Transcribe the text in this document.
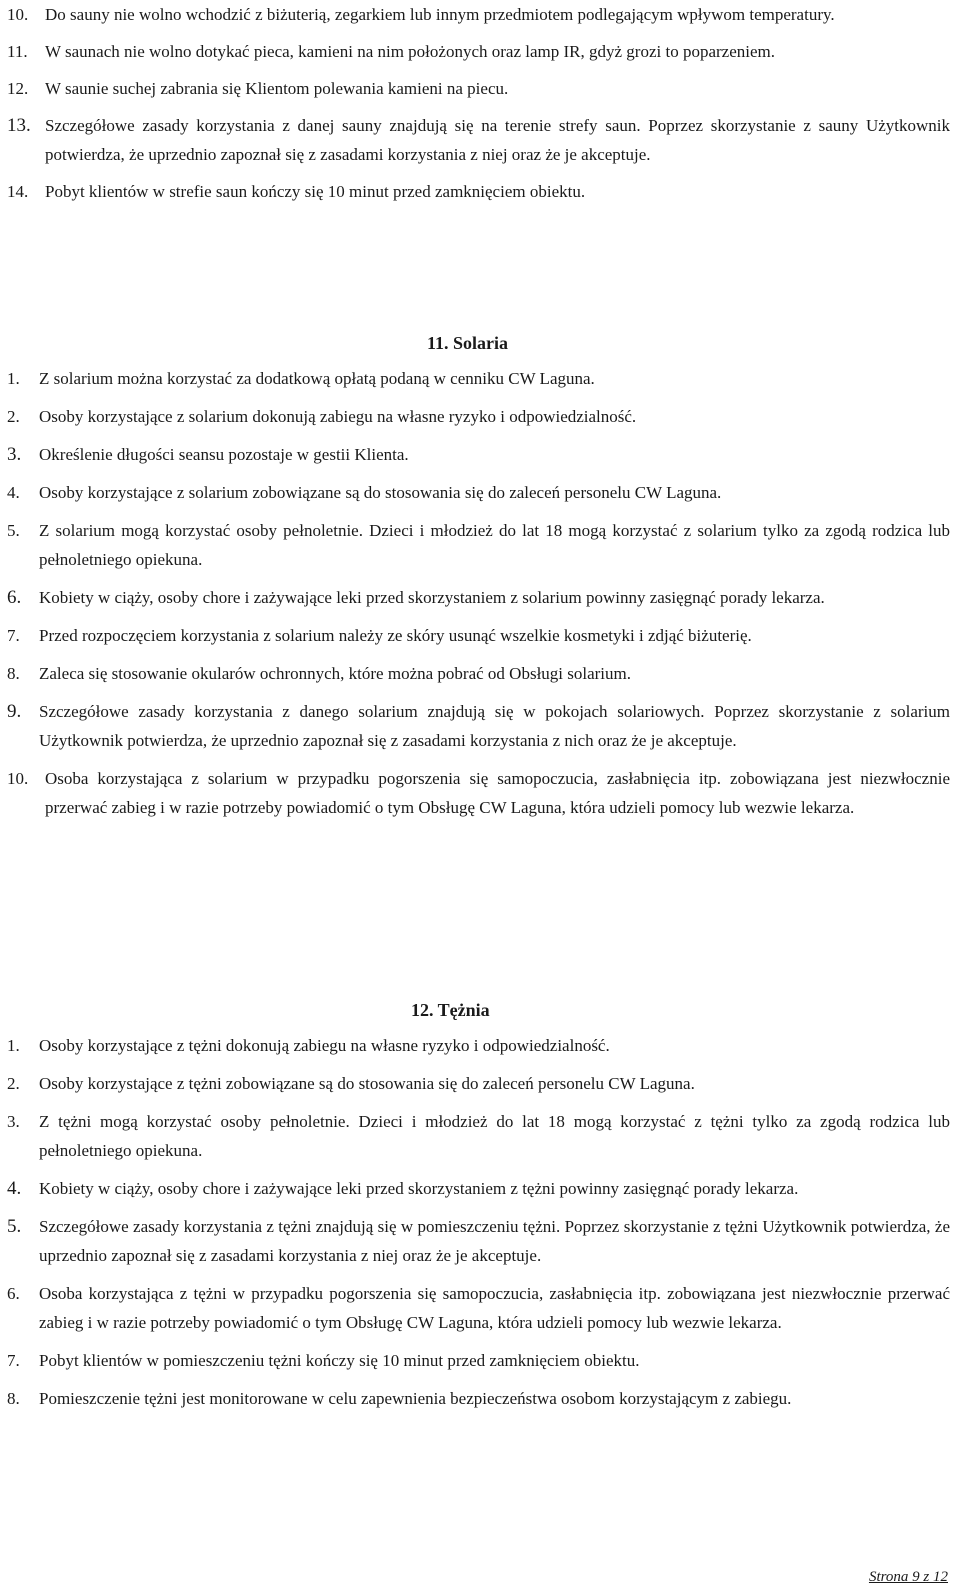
10. Do sauny nie wolno wchodzić z biżuterią, zegarkiem lub innym przedmiotem podlegającym wpływom temperatury.
11. W saunach nie wolno dotykać pieca, kamieni na nim położonych oraz lamp IR, gdyż grozi to poparzeniem.
12. W saunie suchej zabrania się Klientom polewania kamieni na piecu.
13. Szczegółowe zasady korzystania z danej sauny znajdują się na terenie strefy saun. Poprzez skorzystanie z sauny Użytkownik potwierdza, że uprzednio zapoznał się z zasadami korzystania z niej oraz że je akceptuje.
14. Pobyt klientów w strefie saun kończy się 10 minut przed zamknięciem obiektu.
11. Solaria
1. Z solarium można korzystać za dodatkową opłatą podaną w cenniku CW Laguna.
2. Osoby korzystające z solarium dokonują zabiegu na własne ryzyko i odpowiedzialność.
3. Określenie długości seansu pozostaje w gestii Klienta.
4. Osoby korzystające z solarium zobowiązane są do stosowania się do zaleceń personelu CW Laguna.
5. Z solarium mogą korzystać osoby pełnoletnie. Dzieci i młodzież do lat 18 mogą korzystać z solarium tylko za zgodą rodzica lub pełnoletniego opiekuna.
6. Kobiety w ciąży, osoby chore i zażywające leki przed skorzystaniem z solarium powinny zasięgnąć porady lekarza.
7. Przed rozpoczęciem korzystania z solarium należy ze skóry usunąć wszelkie kosmetyki i zdjąć biżuterię.
8. Zaleca się stosowanie okularów ochronnych, które można pobrać od Obsługi solarium.
9. Szczegółowe zasady korzystania z danego solarium znajdują się w pokojach solariowych. Poprzez skorzystanie z solarium Użytkownik potwierdza, że uprzednio zapoznał się z zasadami korzystania z nich oraz że je akceptuje.
10. Osoba korzystająca z solarium w przypadku pogorszenia się samopoczucia, zasłabnięcia itp. zobowiązana jest niezwłocznie przerwać zabieg i w razie potrzeby powiadomić o tym Obsługę CW Laguna, która udzieli pomocy lub wezwie lekarza.
12. Tężnia
1. Osoby korzystające z tężni dokonują zabiegu na własne ryzyko i odpowiedzialność.
2. Osoby korzystające z tężni zobowiązane są do stosowania się do zaleceń personelu CW Laguna.
3. Z tężni mogą korzystać osoby pełnoletnie. Dzieci i młodzież do lat 18 mogą korzystać z tężni tylko za zgodą rodzica lub pełnoletniego opiekuna.
4. Kobiety w ciąży, osoby chore i zażywające leki przed skorzystaniem z tężni powinny zasięgnąć porady lekarza.
5. Szczegółowe zasady korzystania z tężni znajdują się w pomieszczeniu tężni. Poprzez skorzystanie z tężni Użytkownik potwierdza, że uprzednio zapoznał się z zasadami korzystania z niej oraz że je akceptuje.
6. Osoba korzystająca z tężni w przypadku pogorszenia się samopoczucia, zasłabnięcia itp. zobowiązana jest niezwłocznie przerwać zabieg i w razie potrzeby powiadomić o tym Obsługę CW Laguna, która udzieli pomocy lub wezwie lekarza.
7. Pobyt klientów w pomieszczeniu tężni kończy się 10 minut przed zamknięciem obiektu.
8. Pomieszczenie tężni jest monitorowane w celu zapewnienia bezpieczeństwa osobom korzystającym z zabiegu.
Strona 9 z 12
